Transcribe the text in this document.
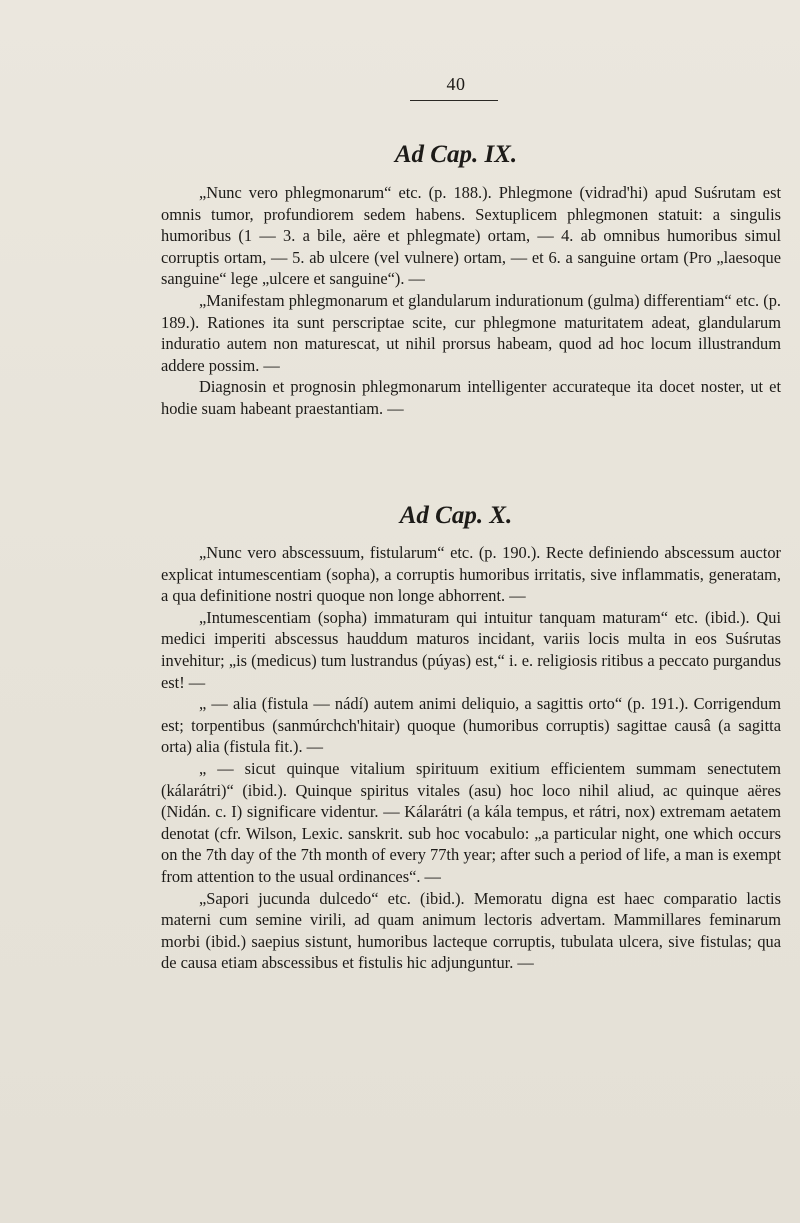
40
Ad Cap. IX.

„Nunc vero phlegmonarum“ etc. (p. 188.). Phlegmone (vidrad'hi) apud Suśrutam est omnis tumor, profundiorem sedem habens. Sextuplicem phlegmonen statuit: a singulis humoribus (1 — 3. a bile, aëre et phlegmate) ortam, — 4. ab omnibus humoribus simul corruptis ortam, — 5. ab ulcere (vel vulnere) ortam, — et 6. a sanguine ortam (Pro „laesoque sanguine“ lege „ulcere et sanguine“). —

„Manifestam phlegmonarum et glandularum indurationum (gulma) differentiam“ etc. (p. 189.). Rationes ita sunt perscriptae scite, cur phlegmone maturitatem adeat, glandularum induratio autem non maturescat, ut nihil prorsus habeam, quod ad hoc locum illustrandum addere possim. —

Diagnosin et prognosin phlegmonarum intelligenter accurateque ita docet noster, ut et hodie suam habeant praestantiam. —

Ad Cap. X.

„Nunc vero abscessuum, fistularum“ etc. (p. 190.). Recte definiendo abscessum auctor explicat intumescentiam (sopha), a corruptis humoribus irritatis, sive inflammatis, generatam, a qua definitione nostri quoque non longe abhorrent. —

„Intumescentiam (sopha) immaturam qui intuitur tanquam maturam“ etc. (ibid.). Qui medici imperiti abscessus hauddum maturos incidant, variis locis multa in eos Suśrutas invehitur; „is (medicus) tum lustrandus (púyas) est,“ i. e. religiosis ritibus a peccato purgandus est! —

„ — alia (fistula — nádí) autem animi deliquio, a sagittis orto“ (p. 191.). Corrigendum est; torpentibus (sanmúrchch'hitair) quoque (humoribus corruptis) sagittae causâ (a sagitta orta) alia (fistula fit.). —

„ — sicut quinque vitalium spirituum exitium efficientem summam senectutem (kálarátri)“ (ibid.). Quinque spiritus vitales (asu) hoc loco nihil aliud, ac quinque aëres (Nidán. c. I) significare videntur. — Kálarátri (a kála tempus, et rátri, nox) extremam aetatem denotat (cfr. Wilson, Lexic. sanskrit. sub hoc vocabulo: „a particular night, one which occurs on the 7th day of the 7th month of every 77th year; after such a period of life, a man is exempt from attention to the usual ordinances“. —

„Sapori jucunda dulcedo“ etc. (ibid.). Memoratu digna est haec comparatio lactis materni cum semine virili, ad quam animum lectoris advertam. Mammillares feminarum morbi (ibid.) saepius sistunt, humoribus lacteque corruptis, tubulata ulcera, sive fistulas; qua de causa etiam abscessibus et fistulis hic adjunguntur. —
